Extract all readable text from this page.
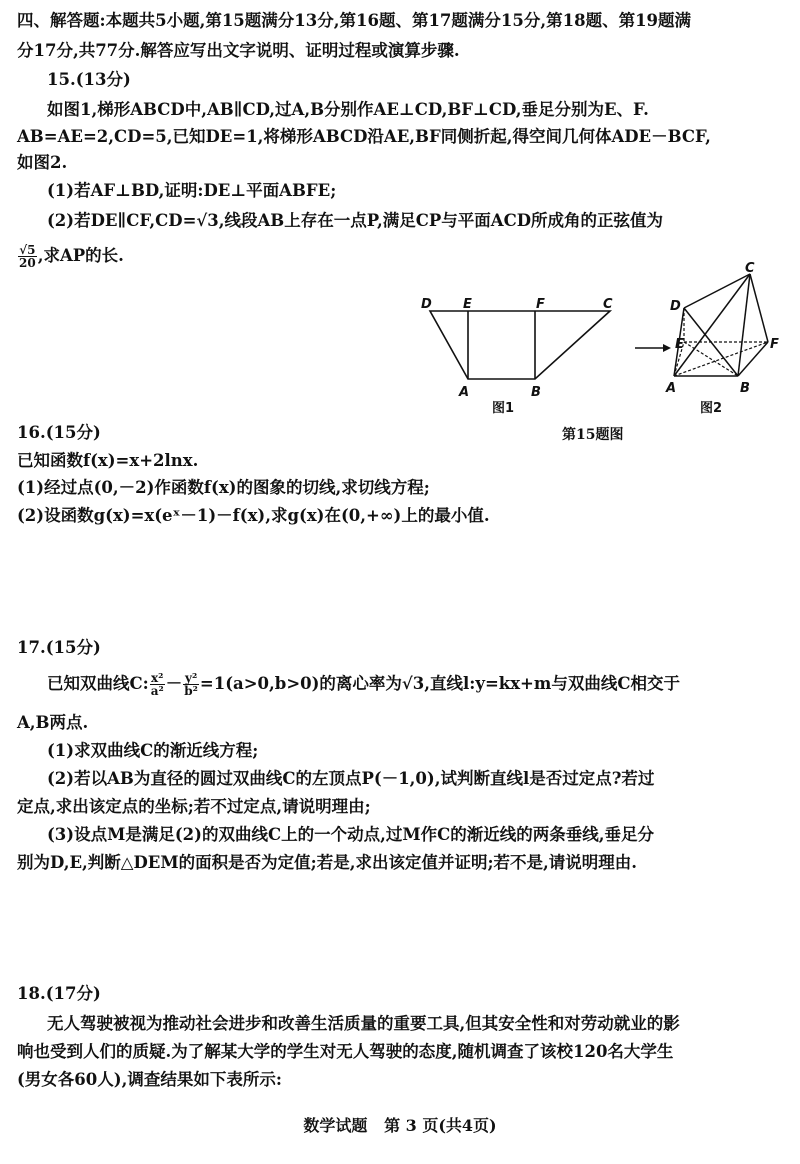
四、解答题:本题共5小题,第15题满分13分,第16题、第17题满分15分,第18题、第19题满
分17分,共77分.解答应写出文字说明、证明过程或演算步骤.
15.(13分)
如图1,梯形ABCD中,AB∥CD,过A,B分别作AE⊥CD,BF⊥CD,垂足分别为E、F.
AB=AE=2,CD=5,已知DE=1,将梯形ABCD沿AE,BF同侧折起,得空间几何体ADE－BCF,
如图2.
(1)若AF⊥BD,证明:DE⊥平面ABFE;
(2)若DE∥CF,CD=√3,线段AB上存在一点P,满足CP与平面ACD所成角的正弦值为
$\frac{√5}{20}$ ,求AP的长.
D E	F	C
A	B
图1
C
D
E	F
A	B
图2
第15题图
16.(15分)
已知函数f(x)=x+2lnx.
(1)经过点(0,－2)作函数f(x)的图象的切线,求切线方程;
(2)设函数g(x)=x(eˣ－1)－f(x),求g(x)在(0,+∞)上的最小值.
17.(15分)
已知双曲线C: $\frac{\text{x²}}{\text{a²}} - \frac{\text{y²}}{\text{b²}} =1(a>0,b>0)$的离心率为√3,直线l:y=kx+m与双曲线C相交于
A,B两点.
(1)求双曲线C的渐近线方程;
(2)若以AB为直径的圆过双曲线C的左顶点P(－1,0),试判断直线l是否过定点?若过
定点,求出该定点的坐标;若不过定点,请说明理由;
(3)设点M是满足(2)的双曲线C上的一个动点,过M作C的渐近线的两条垂线,垂足分
别为D,E,判断△DEM的面积是否为定值;若是,求出该定值并证明;若不是,请说明理由.
18.(17分)
无人驾驶被视为推动社会进步和改善生活质量的重要工具,但其安全性和对劳动就业的影
响也受到人们的质疑.为了解某大学的学生对无人驾驶的态度,随机调查了该校120名大学生
(男女各60人),调查结果如下表所示:
数学试题   第 3 页(共4页)
